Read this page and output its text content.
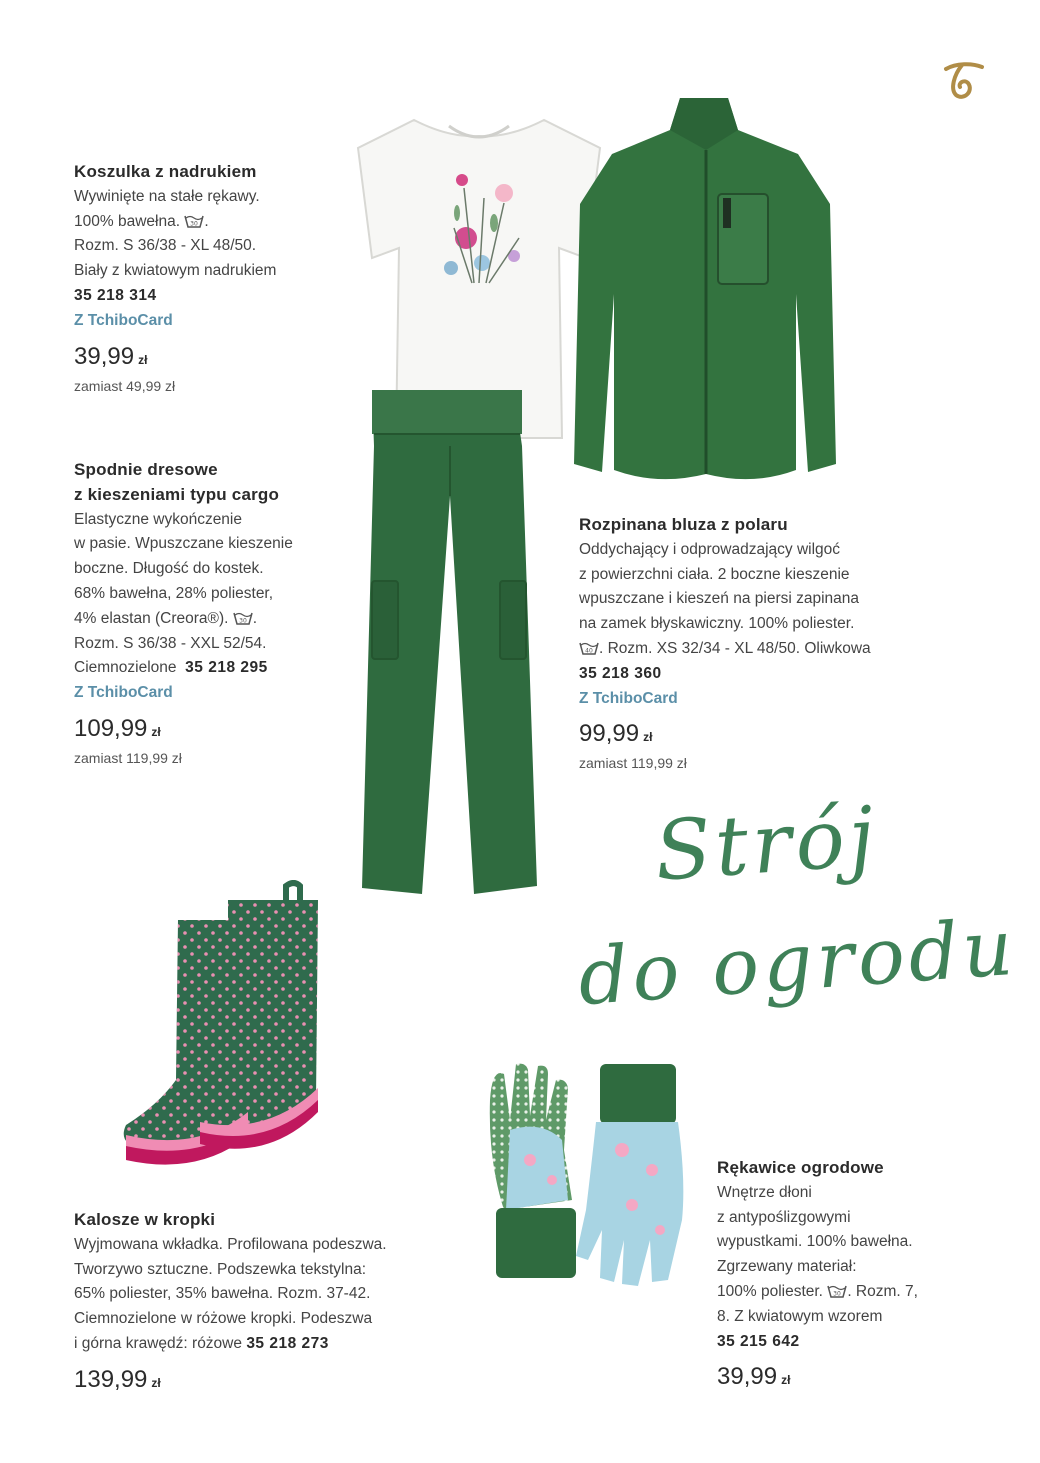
Strój
do ogrodu
Koszulka z nadrukiem
Wywinięte na stałe rękawy.
100% bawełna. 30 .
Rozm. S 36/38 - XL 48/50.
Biały z kwiatowym nadrukiem
35 218 314
Z TchiboCard
39,99 zł
zamiast 49,99 zł
Spodnie dresowe
z kieszeniami typu cargo
Elastyczne wykończenie
w pasie. Wpuszczane kieszenie
boczne. Długość do kostek.
68% bawełna, 28% poliester,
4% elastan (Creora®). 30 .
Rozm. S 36/38 - XXL 52/54.
Ciemnozielone 35 218 295
Z TchiboCard
109,99 zł
zamiast 119,99 zł
Rozpinana bluza z polaru
Oddychający i odprowadzający wilgoć
z powierzchni ciała. 2 boczne kieszenie
wpuszczane i kieszeń na piersi zapinana
na zamek błyskawiczny. 100% poliester.
40 . Rozm. XS 32/34 - XL 48/50. Oliwkowa
35 218 360
Z TchiboCard
99,99 zł
zamiast 119,99 zł
Kalosze w kropki
Wyjmowana wkładka. Profilowana podeszwa.
Tworzywo sztuczne. Podszewka tekstylna:
65% poliester, 35% bawełna. Rozm. 37-42.
Ciemnozielone w różowe kropki. Podeszwa
i górna krawędź: różowe 35 218 273
139,99 zł
Rękawice ogrodowe
Wnętrze dłoni
z antypoślizgowymi
wypustkami. 100% bawełna.
Zgrzewany materiał:
100% poliester. 30 . Rozm. 7,
8. Z kwiatowym wzorem
35 215 642
39,99 zł
